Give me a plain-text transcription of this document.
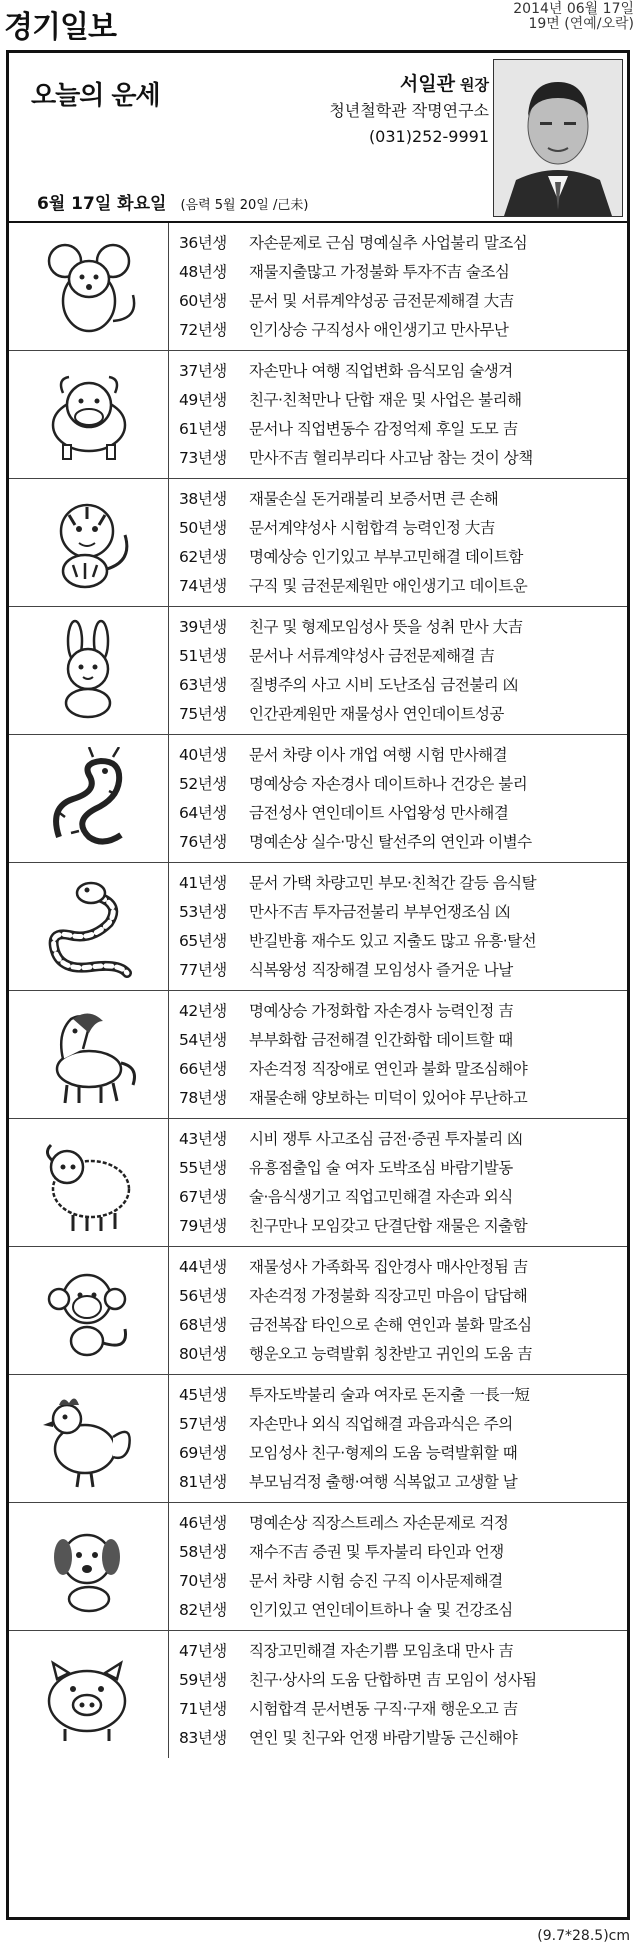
경기일보
2014년 06월 17일
19면 (연예/오락)
오늘의 운세	서일관 원장
청년철학관 작명연구소
(031)252-9991
6월 17일 화요일 (음력 5월 20일 /己未)
36년생 자손문제로 근심 명예실추 사업불리 말조심
48년생 재물지출많고 가정불화 투자不吉 술조심
60년생 문서 및 서류계약성공 금전문제해결 大吉
72년생 인기상승 구직성사 애인생기고 만사무난
37년생 자손만나 여행 직업변화 음식모임 술생겨
49년생 친구·친척만나 단합 재운 및 사업은 불리해
61년생 문서나 직업변동수 감정억제 후일 도모 吉
73년생 만사不吉 혈리부리다 사고남 참는 것이 상책
38년생 재물손실 돈거래불리 보증서면 큰 손해
50년생 문서계약성사 시험합격 능력인정 大吉
62년생 명예상승 인기있고 부부고민해결 데이트함
74년생 구직 및 금전문제원만 애인생기고 데이트운
39년생 친구 및 형제모임성사 뜻을 성취 만사 大吉
51년생 문서나 서류계약성사 금전문제해결 吉
63년생 질병주의 사고 시비 도난조심 금전불리 凶
75년생 인간관계원만 재물성사 연인데이트성공
40년생 문서 차량 이사 개업 여행 시험 만사해결
52년생 명예상승 자손경사 데이트하나 건강은 불리
64년생 금전성사 연인데이트 사업왕성 만사해결
76년생 명예손상 실수·망신 탈선주의 연인과 이별수
41년생 문서 가택 차량고민 부모·친척간 갈등 음식탈
53년생 만사不吉 투자금전불리 부부언쟁조심 凶
65년생 반길반흉 재수도 있고 지출도 많고 유흥·탈선
77년생 식복왕성 직장해결 모임성사 즐거운 나날
42년생 명예상승 가정화합 자손경사 능력인정 吉
54년생 부부화합 금전해결 인간화합 데이트할 때
66년생 자손걱정 직장애로 연인과 불화 말조심해야
78년생 재물손해 양보하는 미덕이 있어야 무난하고
43년생 시비 쟁투 사고조심 금전·증권 투자불리 凶
55년생 유흥점출입 술 여자 도박조심 바람기발동
67년생 술·음식생기고 직업고민해결 자손과 외식
79년생 친구만나 모임갖고 단결단합 재물은 지출함
44년생 재물성사 가족화목 집안경사 매사안정됨 吉
56년생 자손걱정 가정불화 직장고민 마음이 답답해
68년생 금전복잡 타인으로 손해 연인과 불화 말조심
80년생 행운오고 능력발휘 칭찬받고 귀인의 도움 吉
45년생 투자도박불리 술과 여자로 돈지출 一長一短
57년생 자손만나 외식 직업해결 과음과식은 주의
69년생 모임성사 친구·형제의 도움 능력발휘할 때
81년생 부모님걱정 출행·여행 식복없고 고생할 날
46년생 명예손상 직장스트레스 자손문제로 걱정
58년생 재수不吉 증권 및 투자불리 타인과 언쟁
70년생 문서 차량 시험 승진 구직 이사문제해결
82년생 인기있고 연인데이트하나 술 및 건강조심
47년생 직장고민해결 자손기쁨 모임초대 만사 吉
59년생 친구·상사의 도움 단합하면 吉 모임이 성사됨
71년생 시험합격 문서변동 구직·구재 행운오고 吉
83년생 연인 및 친구와 언쟁 바람기발동 근신해야
(9.7*28.5)cm
